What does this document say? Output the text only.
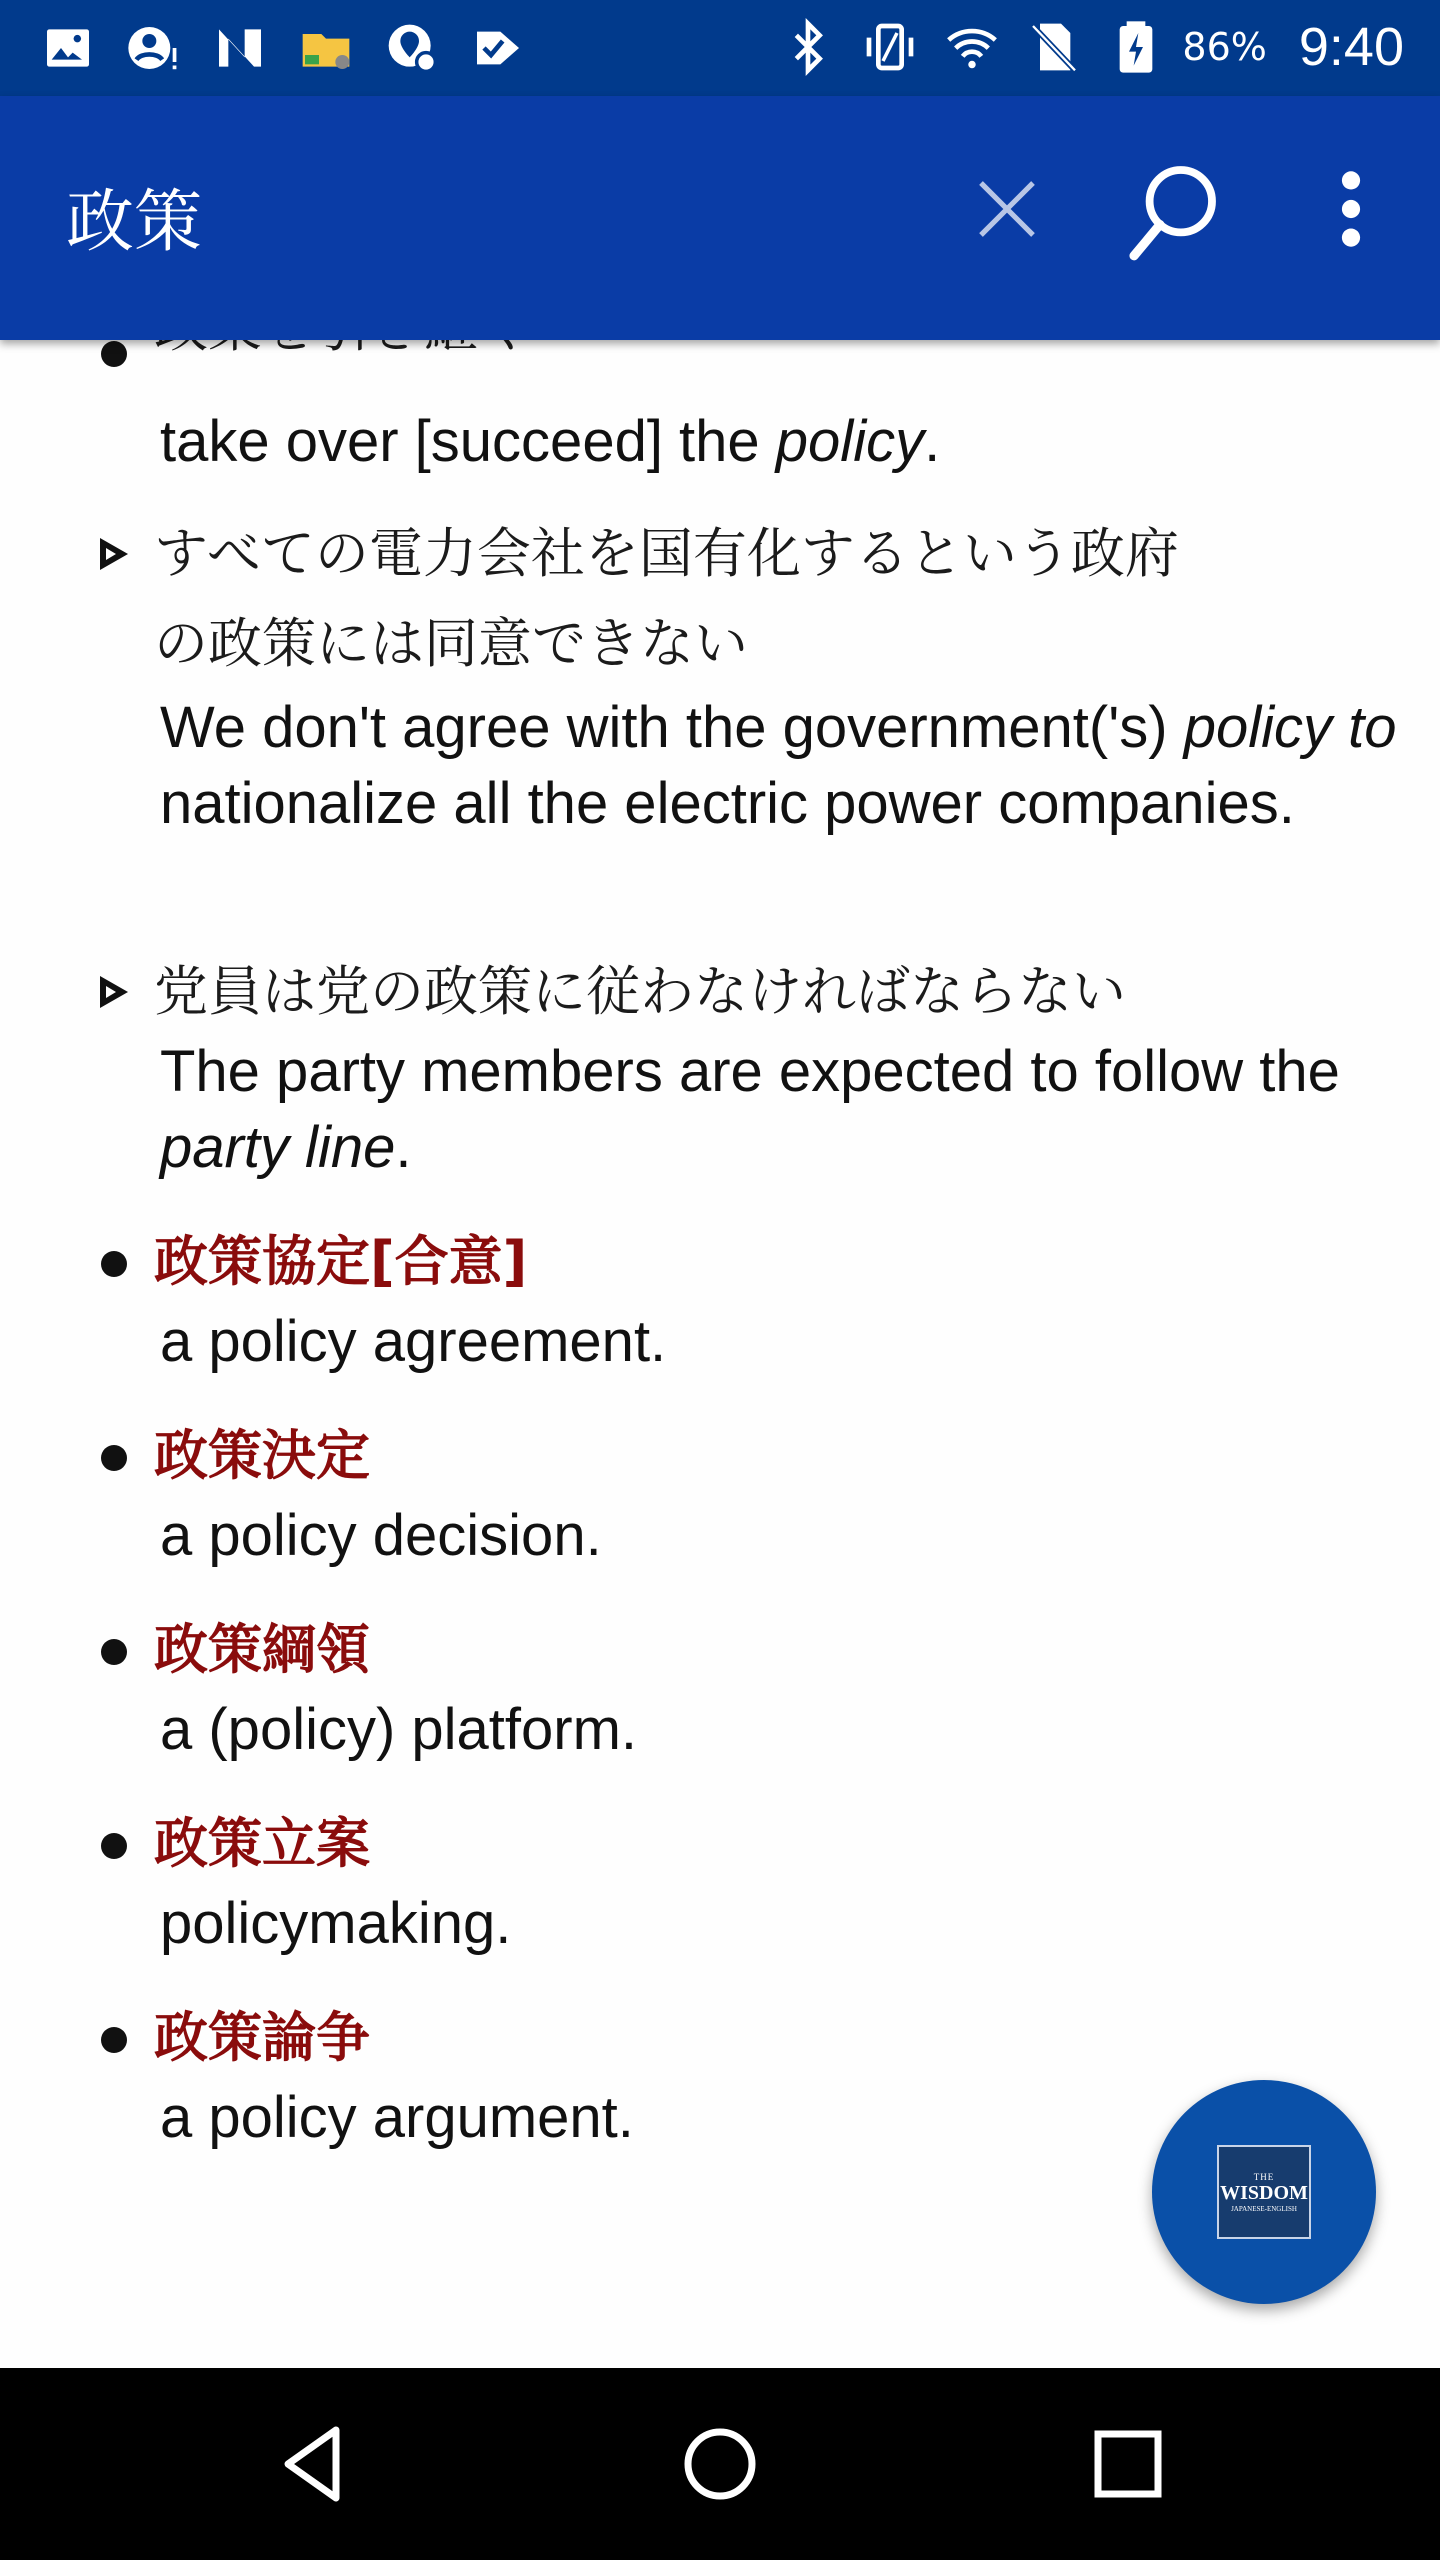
86% 9:40
政策
take over [succeed] the policy.
すべての電力会社を国有化するという政府
の政策には同意できない
We don't agree with the government('s) policy to nationalize all the electric power companies.
党員は党の政策に従わなければならない
The party members are expected to follow the party line.
政策協定[合意]
a policy agreement.
政策決定
a policy decision.
政策綱領
a (policy) platform.
政策立案
policymaking.
政策論争
a policy argument.
THE
WISDOM
JAPANESE-ENGLISH
